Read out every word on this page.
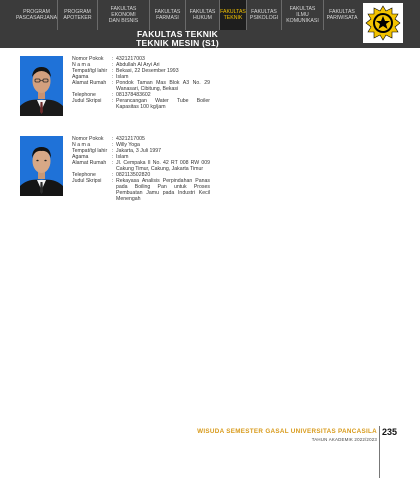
PROGRAM
PASCASARJANA
PROGRAM
APOTEKER
FAKULTAS EKONOMI
DAN BISNIS
FAKULTAS
FARMASI
FAKULTAS
HUKUM
FAKULTAS
TEKNIK
FAKULTAS
PSIKOLOGI
FAKULTAS ILMU
KOMUNIKASI
FAKULTAS
PARIWISATA
FAKULTAS TEKNIK
TEKNIK MESIN (S1)
Nomor Pokok	: 4321217003
N a m a	: Abdullah Al Aryi Ari
Tempat/tgl lahir : Bekasi, 22 Desember 1993
Agama	: Islam
Alamat Rumah	: Pondok Taman Mas Blok A3 No. 29 Wanasari, Cibitung, Bekasi
Telephone	: 081378483602
Judul Skripsi	: Perancangan Water Tube Boiler Kapasitas 100 kg/jam
Nomor Pokok	: 4321217005
N a m a	: Willy Yoga
Tempat/tgl lahir : Jakarta, 3 Juli 1997
Agama	: Islam
Alamat Rumah	: Jl. Cempaka II No. 42 RT 008 RW 009 Cakung Timur, Cakung, Jakarta Timur
Telephone	: 082113502820
Judul Skripsi	: Rekayasa Analisis Perpindahan Panas pada Boiling Pan untuk Proses Pembuatan Jamu pada Industri Kecil Menengah
WISUDA SEMESTER GASAL UNIVERSITAS PANCASILA
TAHUN AKADEMIK 2022/2023
235
